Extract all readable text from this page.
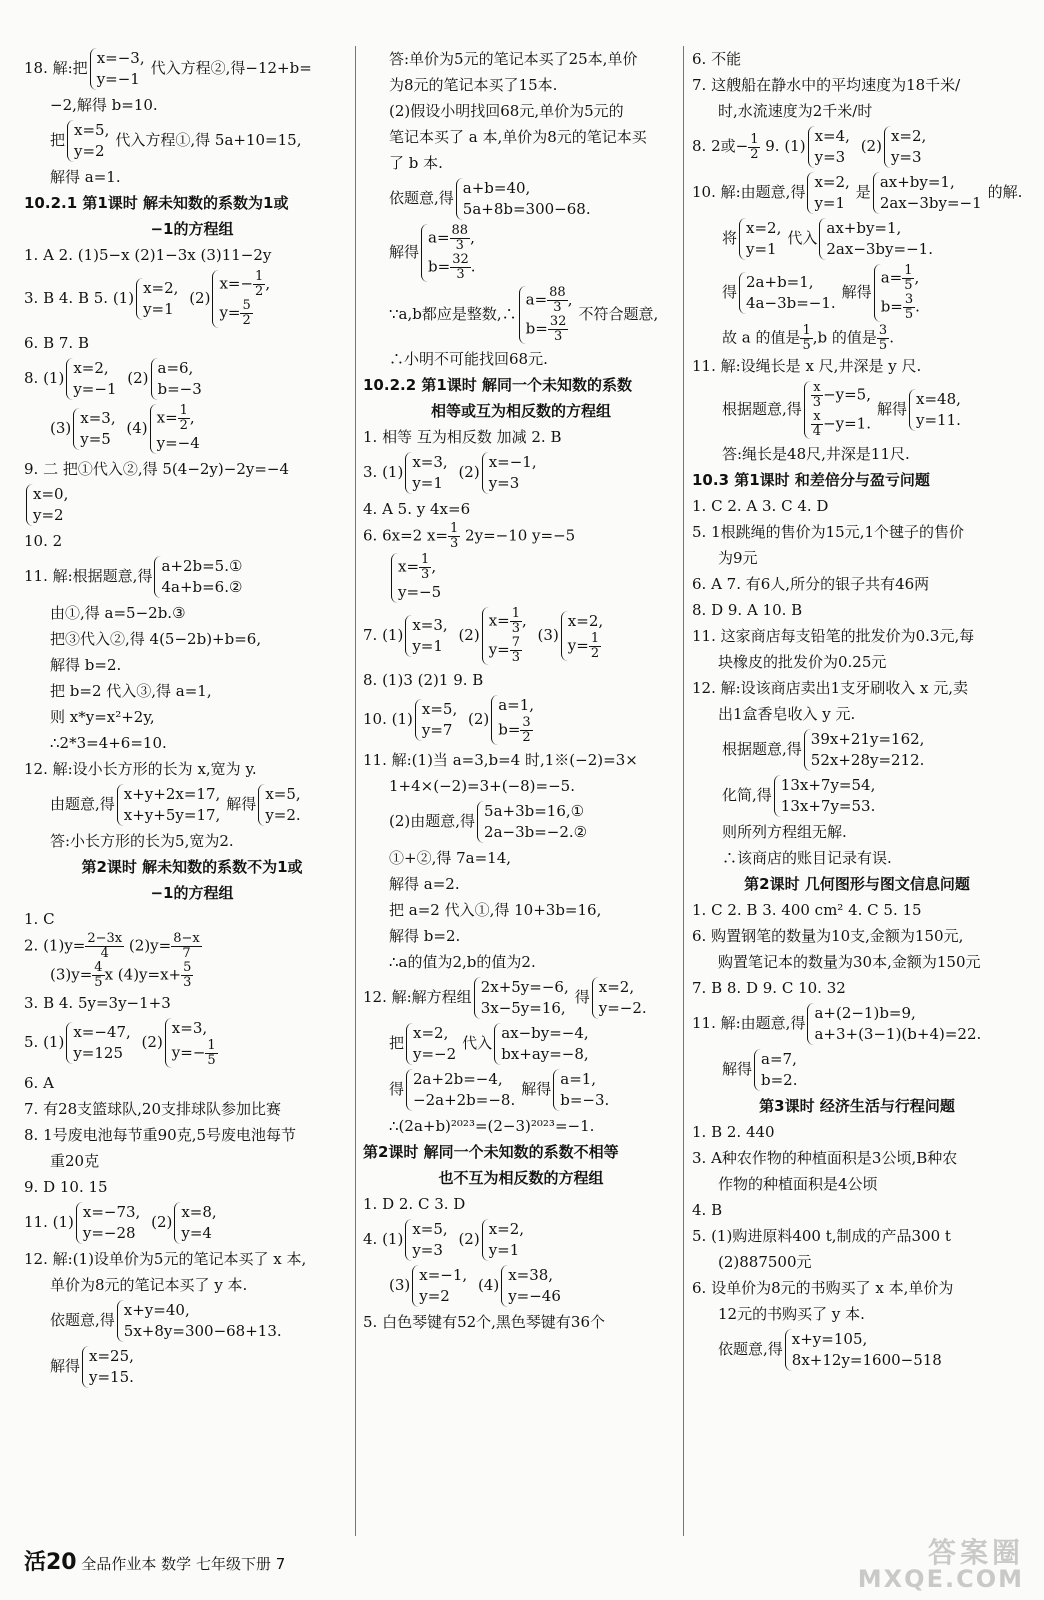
18. 解:把
x=−3,
y=−1
代入方程②,得−12+b=
−2,解得 b=10.
把
x=5,
y=2
代入方程①,得 5a+10=15,
解得 a=1.
10.2.1 第1课时 解未知数的系数为1或
−1的方程组
1. A 2. (1)5−x (2)1−3x (3)11−2y
3. B 4. B 5. (1)
x=2,
y=1
(2)
$x=- \frac{1}{2}$ ,
$y= \frac{5}{2}$
6. B 7. B
8. (1)
x=2,
y=−1
(2)
a=6,
b=−3
(3)
x=3,
y=5
(4)
$x= \frac{1}{2}$ ,
y=−4
9. 二 把①代入②,得 5(4−2y)−2y=−4
x=0,
y=2
10. 2
11. 解:根据题意,得
a+2b=5.①
4a+b=6.②
由①,得 a=5−2b.③
把③代入②,得 4(5−2b)+b=6,
解得 b=2.
把 b=2 代入③,得 a=1,
则 x*y=x²+2y,
∴2*3=4+6=10.
12. 解:设小长方形的长为 x,宽为 y.
由题意,得
x+y+2x=17,
x+y+5y=17,
解得
x=5,
y=2.
答:小长方形的长为5,宽为2.
第2课时 解未知数的系数不为1或
−1的方程组
1. C
2. $(1)y= \frac{2-3x}{4} (2)y= \frac{8-x}{7}$
$(3)y= \frac{4}{5}$ x $(4)y=x+ \frac{5}{3}$
3. B 4. 5y=3y−1+3
5. (1)
x=−47,
y=125
(2)
x=3,
$y=- \frac{1}{5}$
6. A
7. 有28支篮球队,20支排球队参加比赛
8. 1号废电池每节重90克,5号废电池每节
重20克
9. D 10. 15
11. (1)
x=−73,
y=−28
(2)
x=8,
y=4
12. 解:(1)设单价为5元的笔记本买了 x 本,
单价为8元的笔记本买了 y 本.
依题意,得
x+y=40,
5x+8y=300−68+13.
解得
x=25,
y=15.
答:单价为5元的笔记本买了25本,单价
为8元的笔记本买了15本.
(2)假设小明找回68元,单价为5元的
笔记本买了 a 本,单价为8元的笔记本买
了 b 本.
依题意,得
a+b=40,
5a+8b=300−68.
解得
$a= \frac{88}{3}$ ,
$b= \frac{32}{3}$ .
∵a,b都应是整数,∴
$a= \frac{88}{3}$ ,
$b= \frac{32}{3}$
不符合题意,
∴小明不可能找回68元.
10.2.2 第1课时 解同一个未知数的系数
相等或互为相反数的方程组
1. 相等 互为相反数 加减 2. B
3. (1)
x=3,
y=1
(2)
x=−1,
y=3
4. A 5. y 4x=6
6. 6x=2 $x= \frac{1}{3} 2y=-10$ y=−5
$x= \frac{1}{3}$ ,
y=−5
7. (1)
x=3,
y=1
(2)
$x= \frac{1}{3}$ ,
$y= \frac{7}{3}$
(3)
x=2,
$y= \frac{1}{2}$
8. (1)3 (2)1 9. B
10. (1)
x=5,
y=7
(2)
a=1,
$b= \frac{3}{2}$
11. 解:(1)当 a=3,b=4 时,1※(−2)=3×
1+4×(−2)=3+(−8)=−5.
(2)由题意,得
5a+3b=16,①
2a−3b=−2.②
①+②,得 7a=14,
解得 a=2.
把 a=2 代入①,得 10+3b=16,
解得 b=2.
∴a的值为2,b的值为2.
12. 解:解方程组
2x+5y=−6,
3x−5y=16,
得
x=2,
y=−2.
把
x=2,
y=−2
代入
ax−by=−4,
bx+ay=−8,
得
2a+2b=−4,
−2a+2b=−8.
解得
a=1,
b=−3.
∴(2a+b)²⁰²³=(2−3)²⁰²³=−1.
第2课时 解同一个未知数的系数不相等
也不互为相反数的方程组
1. D 2. C 3. D
4. (1)
x=5,
y=3
(2)
x=2,
y=1
(3)
x=−1,
y=2
(4)
x=38,
y=−46
5. 白色琴键有52个,黑色琴键有36个
6. 不能
7. 这艘船在静水中的平均速度为18千米/
时,水流速度为2千米/时
8. 2或− $\frac{1}{2} 9$. (1)
x=4,
y=3
(2)
x=2,
y=3
10. 解:由题意,得
x=2,
y=1
是
ax+by=1,
2ax−3by=−1
的解.
将
x=2,
y=1
代入
ax+by=1,
2ax−3by=−1.
得
2a+b=1,
4a−3b=−1.
解得
$a= \frac{1}{5}$ ,
$b= \frac{3}{5}$ .
故 a 的值是 $\frac{1}{5} ,b$ 的值是 $\frac{3}{5}$ .
11. 解:设绳长是 x 尺,井深是 y 尺.
根据题意,得 $\frac{x}{3} -y=5$,
$\frac{x}{4} -y=1$.
解得
x=48,
y=11.
答:绳长是48尺,井深是11尺.
10.3 第1课时 和差倍分与盈亏问题
1. C 2. A 3. C 4. D
5. 1根跳绳的售价为15元,1个毽子的售价
为9元
6. A 7. 有6人,所分的银子共有46两
8. D 9. A 10. B
11. 这家商店每支铅笔的批发价为0.3元,每
块橡皮的批发价为0.25元
12. 解:设该商店卖出1支牙刷收入 x 元,卖
出1盒香皂收入 y 元.
根据题意,得
39x+21y=162,
52x+28y=212.
化简,得
13x+7y=54,
13x+7y=53.
则所列方程组无解.
∴该商店的账目记录有误.
第2课时 几何图形与图文信息问题
1. C 2. B 3. 400 cm² 4. C 5. 15
6. 购置钢笔的数量为10支,金额为150元,
购置笔记本的数量为30本,金额为150元
7. B 8. D 9. C 10. 32
11. 解:由题意,得
a+(2−1)b=9,
a+3+(3−1)(b+4)=22.
解得
a=7,
b=2.
第3课时 经济生活与行程问题
1. B 2. 440
3. A种农作物的种植面积是3公顷,B种农
作物的种植面积是4公顷
4. B
5. (1)购进原料400 t,制成的产品300 t
(2)887500元
6. 设单价为8元的书购买了 x 本,单价为
12元的书购买了 y 本.
依题意,得
x+y=105,
8x+12y=1600−518
活20 全品作业本 数学 七年级下册 7	答案圈
MXQE.COM
